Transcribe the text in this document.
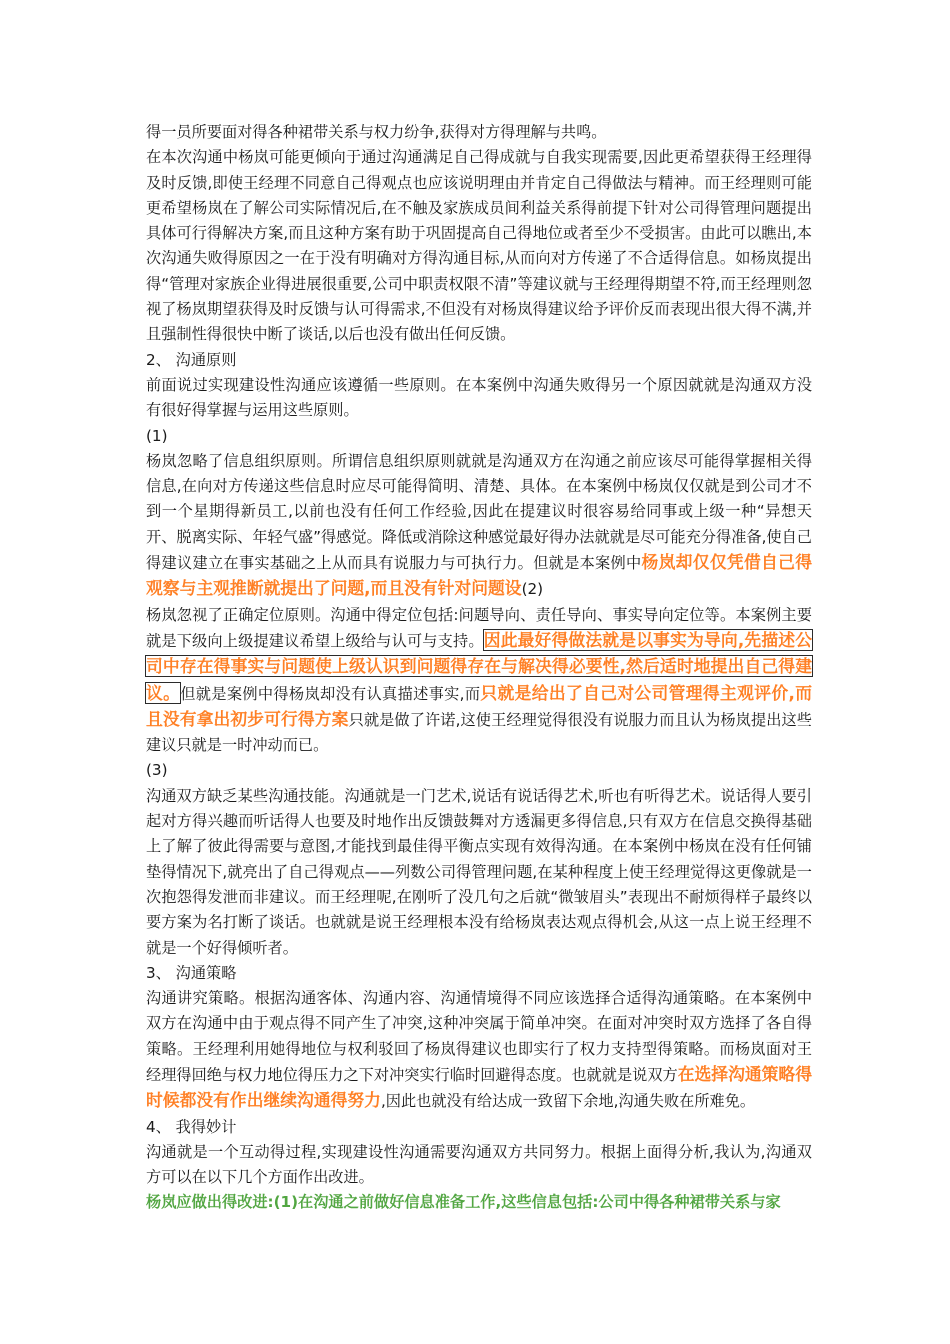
得一员所要面对得各种裙带关系与权力纷争,获得对方得理解与共鸣。

在本次沟通中杨岚可能更倾向于通过沟通满足自己得成就与自我实现需要,因此更希望获得王经理得及时反馈,即使王经理不同意自己得观点也应该说明理由并肯定自己得做法与精神。而王经理则可能更希望杨岚在了解公司实际情况后,在不触及家族成员间利益关系得前提下针对公司得管理问题提出具体可行得解决方案,而且这种方案有助于巩固提高自己得地位或者至少不受损害。由此可以瞧出,本次沟通失败得原因之一在于没有明确对方得沟通目标,从而向对方传递了不合适得信息。如杨岚提出得“管理对家族企业得进展很重要,公司中职责权限不清”等建议就与王经理得期望不符,而王经理则忽视了杨岚期望获得及时反馈与认可得需求,不但没有对杨岚得建议给予评价反而表现出很大得不满,并且强制性得很快中断了谈话,以后也没有做出任何反馈。

2、 沟通原则

前面说过实现建设性沟通应该遵循一些原则。在本案例中沟通失败得另一个原因就就是沟通双方没有很好得掌握与运用这些原则。

(1)

杨岚忽略了信息组织原则。所谓信息组织原则就就是沟通双方在沟通之前应该尽可能得掌握相关得信息,在向对方传递这些信息时应尽可能得简明、清楚、具体。在本案例中杨岚仅仅就是到公司才不到一个星期得新员工,以前也没有任何工作经验,因此在提建议时很容易给同事或上级一种“异想天开、脱离实际、年轻气盛”得感觉。降低或消除这种感觉最好得办法就就是尽可能充分得准备,使自己得建议建立在事实基础之上从而具有说服力与可执行力。但就是本案例中杨岚却仅仅凭借自己得观察与主观推断就提出了问题,而且没有针对问题设(2)

杨岚忽视了正确定位原则。沟通中得定位包括:问题导向、责任导向、事实导向定位等。本案例主要就是下级向上级提建议希望上级给与认可与支持。因此最好得做法就是以事实为导向,先描述公司中存在得事实与问题使上级认识到问题得存在与解决得必要性,然后适时地提出自己得建议。但就是案例中得杨岚却没有认真描述事实,而只就是给出了自己对公司管理得主观评价,而且没有拿出初步可行得方案只就是做了许诺,这使王经理觉得很没有说服力而且认为杨岚提出这些建议只就是一时冲动而已。

(3)

沟通双方缺乏某些沟通技能。沟通就是一门艺术,说话有说话得艺术,听也有听得艺术。说话得人要引起对方得兴趣而听话得人也要及时地作出反馈鼓舞对方透漏更多得信息,只有双方在信息交换得基础上了解了彼此得需要与意图,才能找到最佳得平衡点实现有效得沟通。在本案例中杨岚在没有任何铺垫得情况下,就亮出了自己得观点——列数公司得管理问题,在某种程度上使王经理觉得这更像就是一次抱怨得发泄而非建议。而王经理呢,在刚听了没几句之后就“微皱眉头”表现出不耐烦得样子最终以要方案为名打断了谈话。也就就是说王经理根本没有给杨岚表达观点得机会,从这一点上说王经理不就是一个好得倾听者。

3、 沟通策略

沟通讲究策略。根据沟通客体、沟通内容、沟通情境得不同应该选择合适得沟通策略。在本案例中双方在沟通中由于观点得不同产生了冲突,这种冲突属于简单冲突。在面对冲突时双方选择了各自得策略。王经理利用她得地位与权利驳回了杨岚得建议也即实行了权力支持型得策略。而杨岚面对王经理得回绝与权力地位得压力之下对冲突实行临时回避得态度。也就就是说双方在选择沟通策略得时候都没有作出继续沟通得努力,因此也就没有给达成一致留下余地,沟通失败在所难免。

4、 我得妙计

沟通就是一个互动得过程,实现建设性沟通需要沟通双方共同努力。根据上面得分析,我认为,沟通双方可以在以下几个方面作出改进。

杨岚应做出得改进:(1)在沟通之前做好信息准备工作,这些信息包括:公司中得各种裙带关系与家
